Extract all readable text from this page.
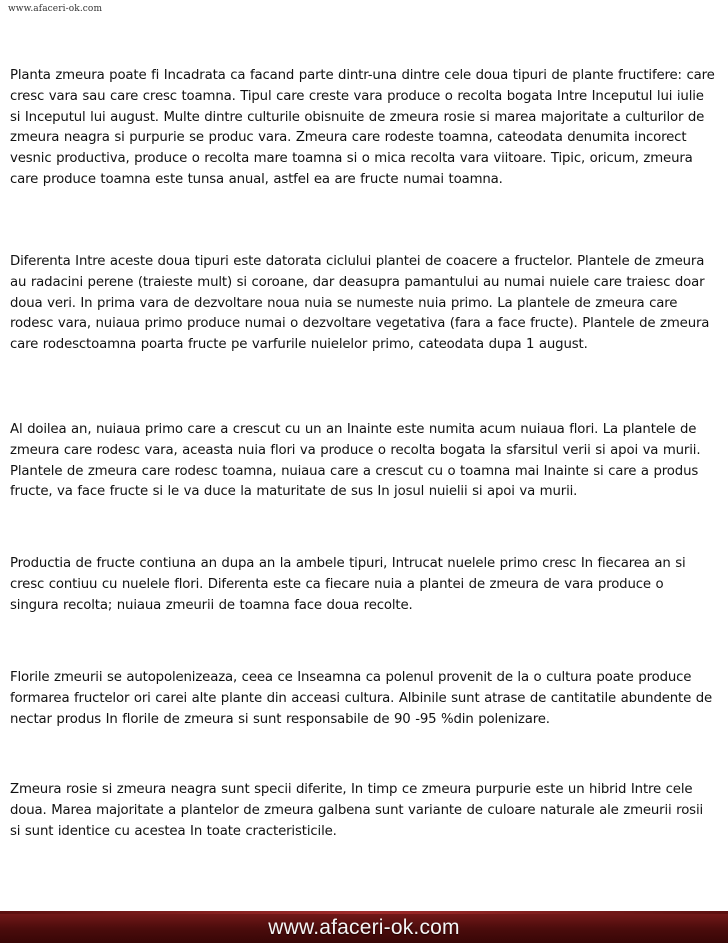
www.afaceri-ok.com

Planta zmeura poate fi Incadrata ca facand parte dintr-una dintre cele doua tipuri de plante fructifere: care cresc vara sau care cresc toamna. Tipul care creste vara produce o recolta bogata Intre Inceputul lui iulie si Inceputul lui august. Multe dintre culturile obisnuite de zmeura rosie si marea majoritate a culturilor de zmeura neagra si purpurie se produc vara. Zmeura care rodeste toamna, cateodata denumita incorect vesnic productiva, produce o recolta mare toamna si o mica recolta vara viitoare. Tipic, oricum, zmeura care produce toamna este tunsa anual, astfel ea are fructe numai toamna.

Diferenta Intre aceste doua tipuri este datorata ciclului plantei de coacere a fructelor. Plantele de zmeura au radacini perene (traieste mult) si coroane, dar deasupra pamantului au numai nuiele care traiesc doar doua veri. In prima vara de dezvoltare noua nuia se numeste nuia primo. La plantele de zmeura care rodesc vara, nuiaua primo produce numai o dezvoltare vegetativa (fara a face fructe). Plantele de zmeura care rodesctoamna poarta fructe pe varfurile nuielelor primo, cateodata dupa 1 august.

Al doilea an, nuiaua primo care a crescut cu un an Inainte este numita acum nuiaua flori. La plantele de zmeura care rodesc vara, aceasta nuia flori va produce o recolta bogata la sfarsitul verii si apoi va murii. Plantele de zmeura care rodesc toamna, nuiaua care a crescut cu o toamna mai Inainte si care a produs fructe, va face fructe si le va duce la maturitate de sus In josul nuielii si apoi va murii.

Productia de fructe contiuna an dupa an la ambele tipuri, Intrucat nuelele primo cresc In fiecarea an si cresc contiuu cu nuelele flori. Diferenta este ca fiecare nuia a plantei de zmeura de vara produce o singura recolta; nuiaua zmeurii de toamna face doua recolte.

Florile zmeurii se autopolenizeaza, ceea ce Inseamna ca polenul provenit de la o cultura poate produce formarea fructelor ori carei alte plante din acceasi cultura. Albinile sunt atrase de cantitatile abundente de nectar produs In florile de zmeura si sunt responsabile de 90 -95 %din polenizare.

Zmeura rosie si zmeura neagra sunt specii diferite, In timp ce zmeura purpurie este un hibrid Intre cele doua. Marea majoritate a plantelor de zmeura galbena sunt variante de culoare naturale ale zmeurii rosii si sunt identice cu acestea In toate cracteristicile.

www.afaceri-ok.com
